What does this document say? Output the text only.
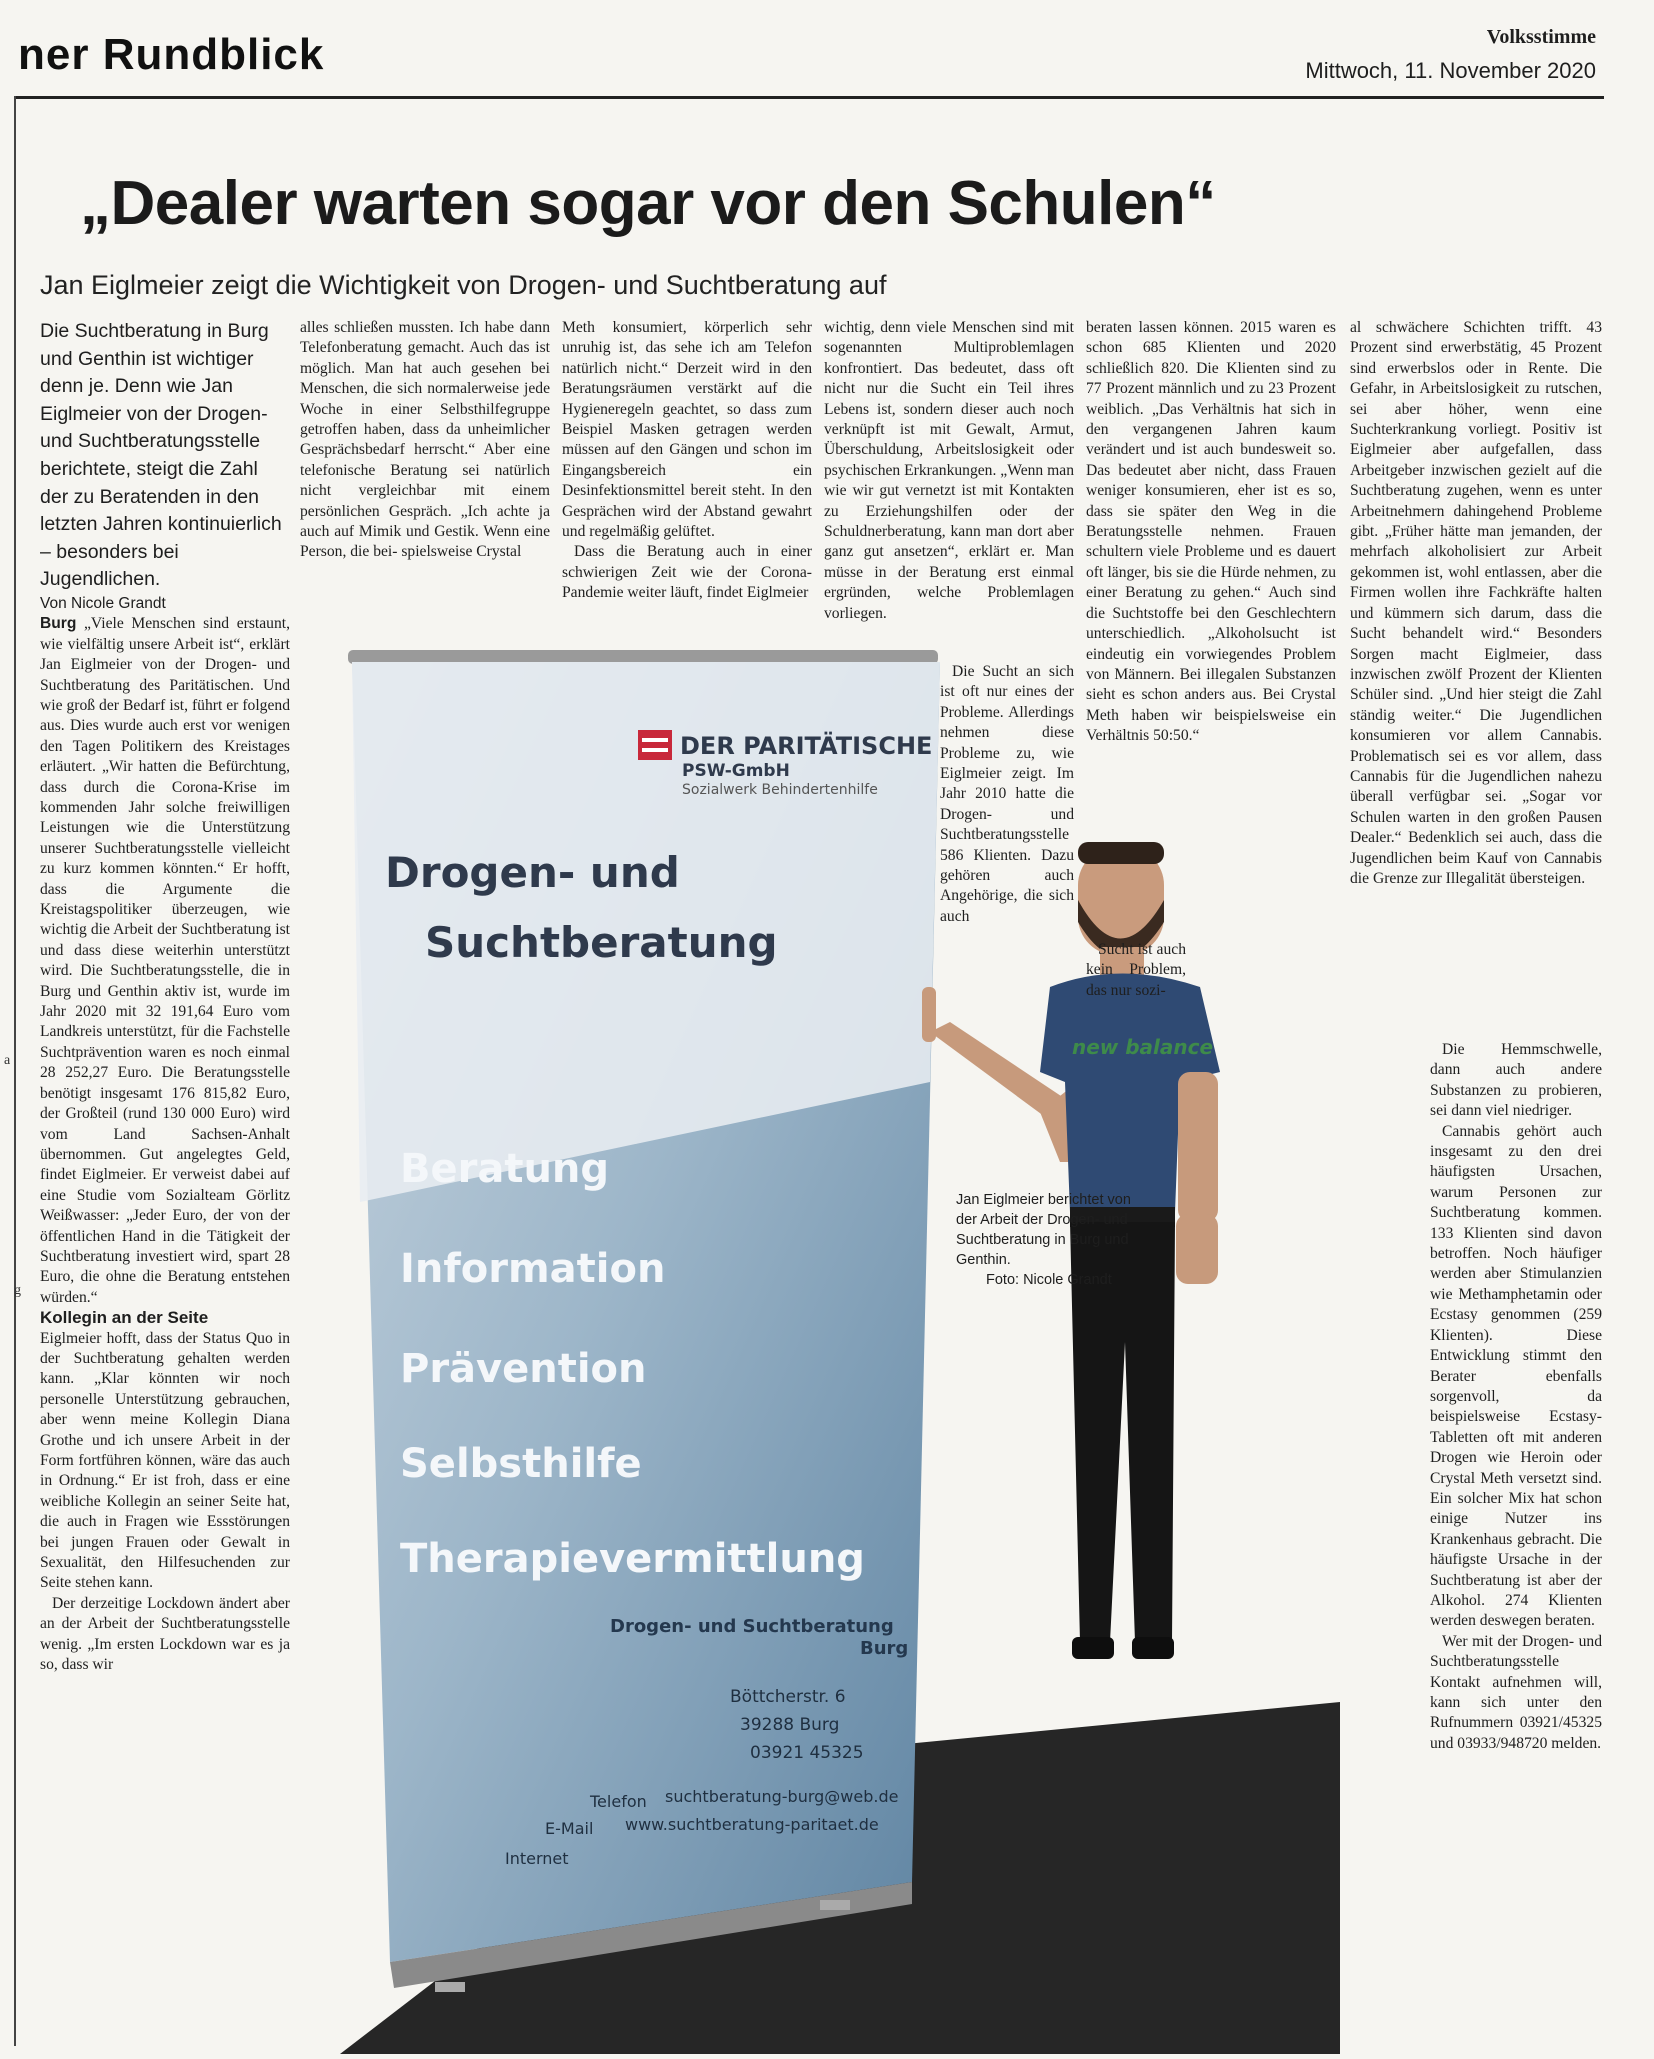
ner Rundblick	Volksstimme
Mittwoch, 11. November 2020
a
g
„Dealer warten sogar vor den Schulen“
Jan Eiglmeier zeigt die Wichtigkeit von Drogen- und Suchtberatung auf
DER PARITÄTISCHE
PSW-GmbH
Sozialwerk Behindertenhilfe
Drogen- und
Suchtberatung
Beratung
Information
Prävention
Selbsthilfe
Therapievermittlung
Drogen- und Suchtberatung
Burg
Böttcherstr. 6
39288 Burg
03921 45325
Telefon suchtberatung-burg@web.de
E-Mail www.suchtberatung-paritaet.de
Internet
new balance
Jan Eiglmeier berichtet von der Arbeit der Drogen- und Suchtberatung in Burg und Genthin.
Foto: Nicole Grandt

Die Suchtberatung in Burg und Genthin ist wichtiger denn je. Denn wie Jan Eiglmeier von der Drogen- und Suchtberatungsstelle berichtete, steigt die Zahl der zu Beratenden in den letzten Jahren kontinuierlich – besonders bei Jugendlichen.

Von Nicole Grandt

Burg „Viele Menschen sind erstaunt, wie vielfältig unsere Arbeit ist“, erklärt Jan Eiglmeier von der Drogen- und Suchtberatung des Paritätischen. Und wie groß der Bedarf ist, führt er folgend aus. Dies wurde auch erst vor wenigen den Tagen Politikern des Kreistages erläutert. „Wir hatten die Befürchtung, dass durch die Corona-Krise im kommenden Jahr solche freiwilligen Leistungen wie die Unterstützung unserer Suchtberatungsstelle vielleicht zu kurz kommen könnten.“ Er hofft, dass die Argumente die Kreistagspolitiker überzeugen, wie wichtig die Arbeit der Suchtberatung ist und dass diese weiterhin unterstützt wird. Die Suchtberatungsstelle, die in Burg und Genthin aktiv ist, wurde im Jahr 2020 mit 32 191,64 Euro vom Landkreis unterstützt, für die Fachstelle Suchtprävention waren es noch einmal 28 252,27 Euro. Die Beratungsstelle benötigt insgesamt 176 815,82 Euro, der Großteil (rund 130 000 Euro) wird vom Land Sachsen-Anhalt übernommen. Gut angelegtes Geld, findet Eiglmeier. Er verweist dabei auf eine Studie vom Sozialteam Görlitz Weißwasser: „Jeder Euro, der von der öffentlichen Hand in die Tätigkeit der Suchtberatung investiert wird, spart 28 Euro, die ohne die Beratung entstehen würden.“

Kollegin an der Seite

Eiglmeier hofft, dass der Status Quo in der Suchtberatung gehalten werden kann. „Klar könnten wir noch personelle Unterstützung gebrauchen, aber wenn meine Kollegin Diana Grothe und ich unsere Arbeit in der Form fortführen können, wäre das auch in Ordnung.“ Er ist froh, dass er eine weibliche Kollegin an seiner Seite hat, die auch in Fragen wie Essstörungen bei jungen Frauen oder Gewalt in Sexualität, den Hilfesuchenden zur Seite stehen kann.

Der derzeitige Lockdown ändert aber an der Arbeit der Suchtberatungsstelle wenig. „Im ersten Lockdown war es ja so, dass wir

alles schließen mussten. Ich habe dann Telefonberatung gemacht. Auch das ist möglich. Man hat auch gesehen bei Menschen, die sich normalerweise jede Woche in einer Selbsthilfegruppe getroffen haben, dass da unheimlicher Gesprächsbedarf herrscht.“ Aber eine telefonische Beratung sei natürlich nicht vergleichbar mit einem persönlichen Gespräch. „Ich achte ja auch auf Mimik und Gestik. Wenn eine Person, die bei- spielsweise Crystal

Meth konsumiert, körperlich sehr unruhig ist, das sehe ich am Telefon natürlich nicht.“ Derzeit wird in den Beratungsräumen verstärkt auf die Hygieneregeln geachtet, so dass zum Beispiel Masken getragen werden müssen auf den Gängen und schon im Eingangsbereich ein Desinfektionsmittel bereit steht. In den Gesprächen wird der Abstand gewahrt und regelmäßig gelüftet.

Dass die Beratung auch in einer schwierigen Zeit wie der Corona-Pandemie weiter läuft, findet Eiglmeier

wichtig, denn viele Menschen sind mit sogenannten Multiproblemlagen konfrontiert. Das bedeutet, dass oft nicht nur die Sucht ein Teil ihres Lebens ist, sondern dieser auch noch verknüpft ist mit Gewalt, Armut, Überschuldung, Arbeitslosigkeit oder psychischen Erkrankungen. „Wenn man wie wir gut vernetzt ist mit Kontakten zu Erziehungshilfen oder der Schuldnerberatung, kann man dort aber ganz gut ansetzen“, erklärt er. Man müsse in der Beratung erst einmal ergründen, welche Problemlagen vorliegen.

Die Sucht an sich ist oft nur eines der Probleme. Allerdings nehmen diese Probleme zu, wie Eiglmeier zeigt. Im Jahr 2010 hatte die Drogen- und Suchtberatungsstelle 586 Klienten. Dazu gehören auch Angehörige, die sich auch

beraten lassen können. 2015 waren es schon 685 Klienten und 2020 schließlich 820. Die Klienten sind zu 77 Prozent männlich und zu 23 Prozent weiblich. „Das Verhältnis hat sich in den vergangenen Jahren kaum verändert und ist auch bundesweit so. Das bedeutet aber nicht, dass Frauen weniger konsumieren, eher ist es so, dass sie später den Weg in die Beratungsstelle nehmen. Frauen schultern viele Probleme und es dauert oft länger, bis sie die Hürde nehmen, zu einer Beratung zu gehen.“ Auch sind die Suchtstoffe bei den Geschlechtern unterschiedlich. „Alkoholsucht ist eindeutig ein vorwiegendes Problem von Männern. Bei illegalen Substanzen sieht es schon anders aus. Bei Crystal Meth haben wir beispielsweise ein Verhältnis 50:50.“

Sucht ist auch kein Problem, das nur sozi-

al schwächere Schichten trifft. 43 Prozent sind erwerbstätig, 45 Prozent sind erwerbslos oder in Rente. Die Gefahr, in Arbeitslosigkeit zu rutschen, sei aber höher, wenn eine Suchterkrankung vorliegt. Positiv ist Eiglmeier aber aufgefallen, dass Arbeitgeber inzwischen gezielt auf die Suchtberatung zugehen, wenn es unter Arbeitnehmern dahingehend Probleme gibt. „Früher hätte man jemanden, der mehrfach alkoholisiert zur Arbeit gekommen ist, wohl entlassen, aber die Firmen wollen ihre Fachkräfte halten und kümmern sich darum, dass die Sucht behandelt wird.“ Besonders Sorgen macht Eiglmeier, dass inzwischen zwölf Prozent der Klienten Schüler sind. „Und hier steigt die Zahl ständig weiter.“ Die Jugendlichen konsumieren vor allem Cannabis. Problematisch sei es vor allem, dass Cannabis für die Jugendlichen nahezu überall verfügbar sei. „Sogar vor Schulen warten in den großen Pausen Dealer.“ Bedenklich sei auch, dass die Jugendlichen beim Kauf von Cannabis die Grenze zur Illegalität übersteigen.

Die Hemmschwelle, dann auch andere Substanzen zu probieren, sei dann viel niedriger.

Cannabis gehört auch insgesamt zu den drei häufigsten Ursachen, warum Personen zur Suchtberatung kommen. 133 Klienten sind davon betroffen. Noch häufiger werden aber Stimulanzien wie Methamphetamin oder Ecstasy genommen (259 Klienten). Diese Entwicklung stimmt den Berater ebenfalls sorgenvoll, da beispielsweise Ecstasy-Tabletten oft mit anderen Drogen wie Heroin oder Crystal Meth versetzt sind. Ein solcher Mix hat schon einige Nutzer ins Krankenhaus gebracht. Die häufigste Ursache in der Suchtberatung ist aber der Alkohol. 274 Klienten werden deswegen beraten.

Wer mit der Drogen- und Suchtberatungsstelle Kontakt aufnehmen will, kann sich unter den Rufnummern 03921/45325 und 03933/948720 melden.
